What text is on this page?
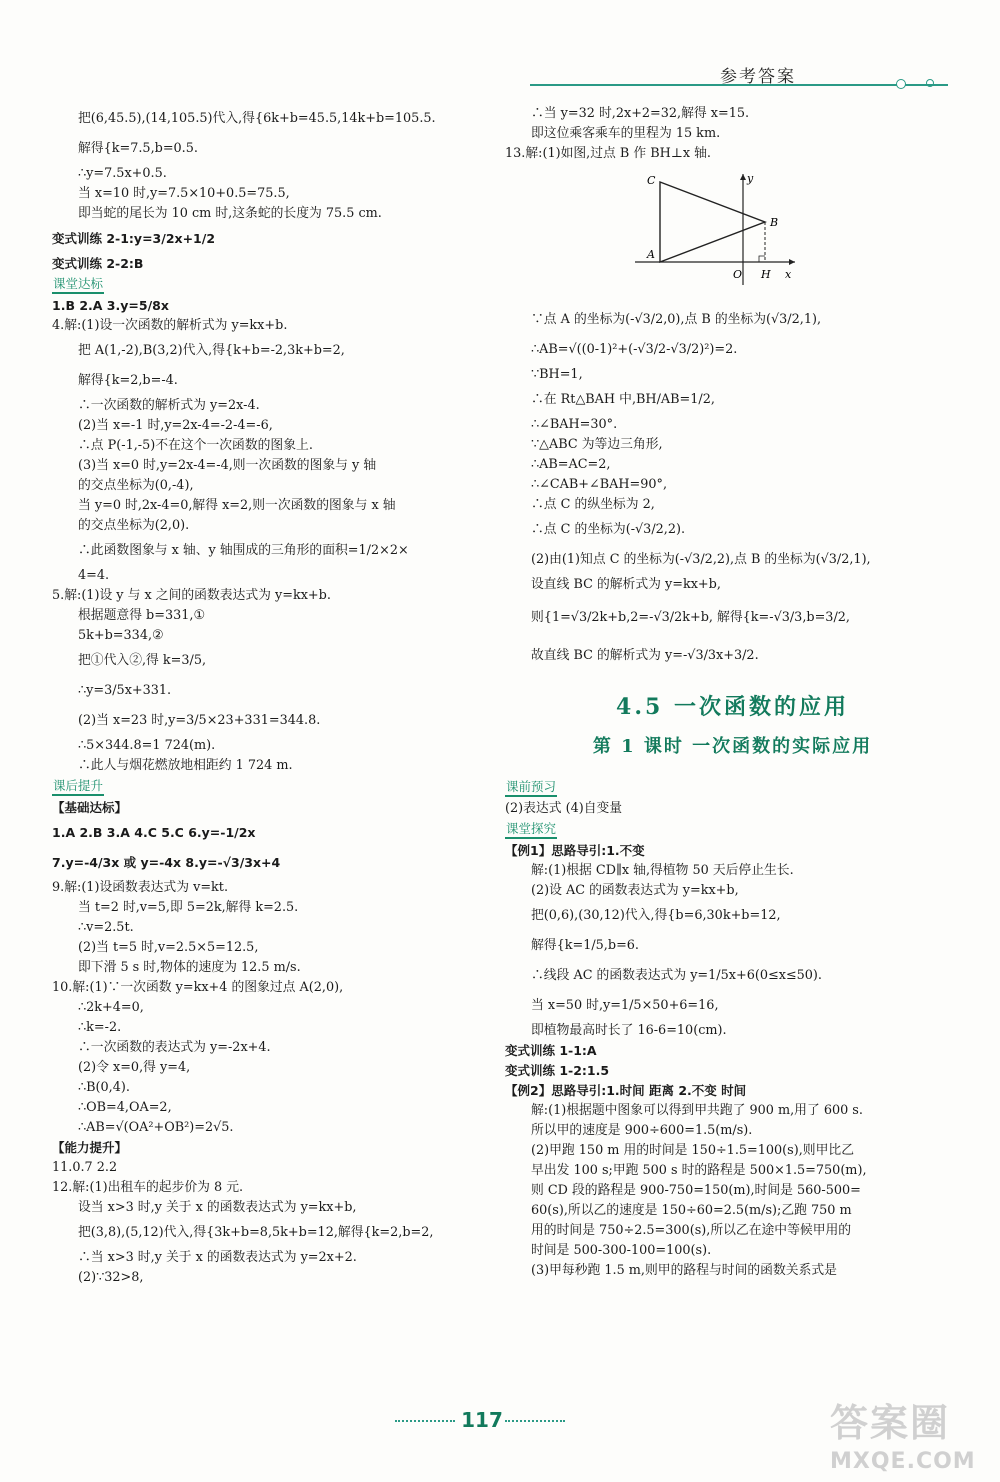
参考答案
把(6,45.5),(14,105.5)代入,得{6k+b=45.5,14k+b=105.5.
解得{k=7.5,b=0.5.
∴y=7.5x+0.5.
当 x=10 时,y=7.5×10+0.5=75.5,
即当蛇的尾长为 10 cm 时,这条蛇的长度为 75.5 cm.
变式训练 2-1:y=3/2x+1/2
变式训练 2-2:B
课堂达标
1.B 2.A 3.y=5/8x
4.解:(1)设一次函数的解析式为 y=kx+b.
把 A(1,-2),B(3,2)代入,得{k+b=-2,3k+b=2,
解得{k=2,b=-4.
∴一次函数的解析式为 y=2x-4.
(2)当 x=-1 时,y=2x-4=-2-4=-6,
∴点 P(-1,-5)不在这个一次函数的图象上.
(3)当 x=0 时,y=2x-4=-4,则一次函数的图象与 y 轴
的交点坐标为(0,-4),
当 y=0 时,2x-4=0,解得 x=2,则一次函数的图象与 x 轴
的交点坐标为(2,0).
∴此函数图象与 x 轴、y 轴围成的三角形的面积=1/2×2×
4=4.
5.解:(1)设 y 与 x 之间的函数表达式为 y=kx+b.
根据题意得 b=331,①
5k+b=334,②
把①代入②,得 k=3/5,
∴y=3/5x+331.
(2)当 x=23 时,y=3/5×23+331=344.8.
∴5×344.8=1 724(m).
∴此人与烟花燃放地相距约 1 724 m.
课后提升
【基础达标】
1.A 2.B 3.A 4.C 5.C 6.y=-1/2x
7.y=-4/3x 或 y=-4x 8.y=-√3/3x+4
9.解:(1)设函数表达式为 v=kt.
当 t=2 时,v=5,即 5=2k,解得 k=2.5.
∴v=2.5t.
(2)当 t=5 时,v=2.5×5=12.5,
即下滑 5 s 时,物体的速度为 12.5 m/s.
10.解:(1)∵一次函数 y=kx+4 的图象过点 A(2,0),
∴2k+4=0,
∴k=-2.
∴一次函数的表达式为 y=-2x+4.
(2)令 x=0,得 y=4,
∴B(0,4).
∴OB=4,OA=2,
∴AB=√(OA²+OB²)=2√5.
【能力提升】
11.0.7 2.2
12.解:(1)出租车的起步价为 8 元.
设当 x>3 时,y 关于 x 的函数表达式为 y=kx+b,
把(3,8),(5,12)代入,得{3k+b=8,5k+b=12,解得{k=2,b=2,
∴当 x>3 时,y 关于 x 的函数表达式为 y=2x+2.
(2)∵32>8,
∴当 y=32 时,2x+2=32,解得 x=15.
即这位乘客乘车的里程为 15 km.
13.解:(1)如图,过点 B 作 BH⊥x 轴.
C	y
B
A
O H x
∵点 A 的坐标为(-√3/2,0),点 B 的坐标为(√3/2,1),
∴AB=√((0-1)²+(-√3/2-√3/2)²)=2.
∵BH=1,
∴在 Rt△BAH 中,BH/AB=1/2,
∴∠BAH=30°.
∵△ABC 为等边三角形,
∴AB=AC=2,
∴∠CAB+∠BAH=90°,
∴点 C 的纵坐标为 2,
∴点 C 的坐标为(-√3/2,2).
(2)由(1)知点 C 的坐标为(-√3/2,2),点 B 的坐标为(√3/2,1),
设直线 BC 的解析式为 y=kx+b,
则{1=√3/2k+b,2=-√3/2k+b, 解得{k=-√3/3,b=3/2,
故直线 BC 的解析式为 y=-√3/3x+3/2.
4.5 一次函数的应用
第 1 课时 一次函数的实际应用
课前预习
(2)表达式 (4)自变量
课堂探究
【例1】思路导引:1.不变
解:(1)根据 CD∥x 轴,得植物 50 天后停止生长.
(2)设 AC 的函数表达式为 y=kx+b,
把(0,6),(30,12)代入,得{b=6,30k+b=12,
解得{k=1/5,b=6.
∴线段 AC 的函数表达式为 y=1/5x+6(0≤x≤50).
当 x=50 时,y=1/5×50+6=16,
即植物最高时长了 16-6=10(cm).
变式训练 1-1:A
变式训练 1-2:1.5
【例2】思路导引:1.时间 距离 2.不变 时间
解:(1)根据题中图象可以得到甲共跑了 900 m,用了 600 s.
所以甲的速度是 900÷600=1.5(m/s).
(2)甲跑 150 m 用的时间是 150÷1.5=100(s),则甲比乙
早出发 100 s;甲跑 500 s 时的路程是 500×1.5=750(m),
则 CD 段的路程是 900-750=150(m),时间是 560-500=
60(s),所以乙的速度是 150÷60=2.5(m/s);乙跑 750 m
用的时间是 750÷2.5=300(s),所以乙在途中等候甲用的
时间是 500-300-100=100(s).
(3)甲每秒跑 1.5 m,则甲的路程与时间的函数关系式是
117	答案圈
MXQE.COM
